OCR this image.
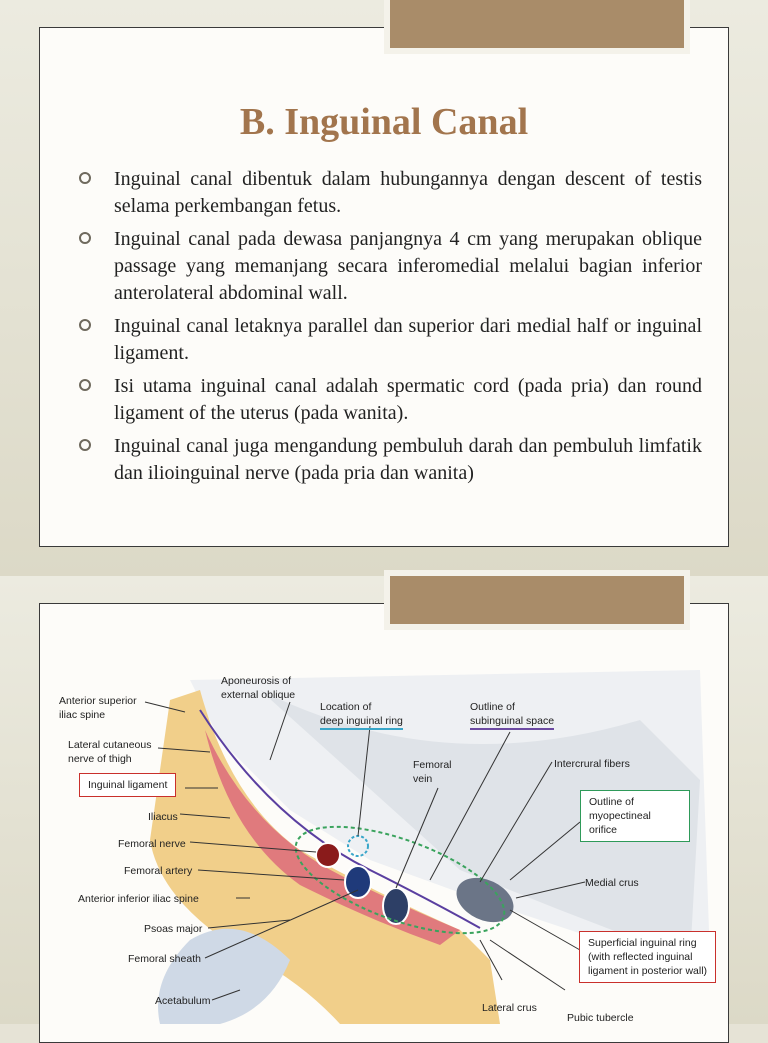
B. Inguinal Canal
Inguinal canal dibentuk dalam hubungannya dengan descent of testis selama perkembangan fetus.
Inguinal canal pada dewasa panjangnya 4 cm yang merupakan oblique passage yang memanjang secara inferomedial melalui bagian inferior anterolateral abdominal wall.
Inguinal canal letaknya parallel dan superior dari medial half or inguinal ligament.
Isi utama inguinal canal adalah spermatic cord (pada pria) dan round ligament of the uterus (pada wanita).
Inguinal canal juga mengandung pembuluh darah dan pembuluh limfatik dan ilioinguinal nerve (pada pria dan wanita)
Aponeurosis of
external oblique
Anterior superior
iliac spine
Location of
deep inguinal ring
Outline of
subinguinal space
Lateral cutaneous
nerve of thigh	Femoral
vein
Intercrural fibers
Inguinal ligament
Iliacus
Outline of
myopectineal orifice
Femoral nerve
Femoral artery
Medial crus
Anterior inferior iliac spine
Psoas major
Superficial inguinal ring
(with reflected inguinal
ligament in posterior wall)
Femoral sheath
Acetabulum
Lateral crus
Pubic tubercle
